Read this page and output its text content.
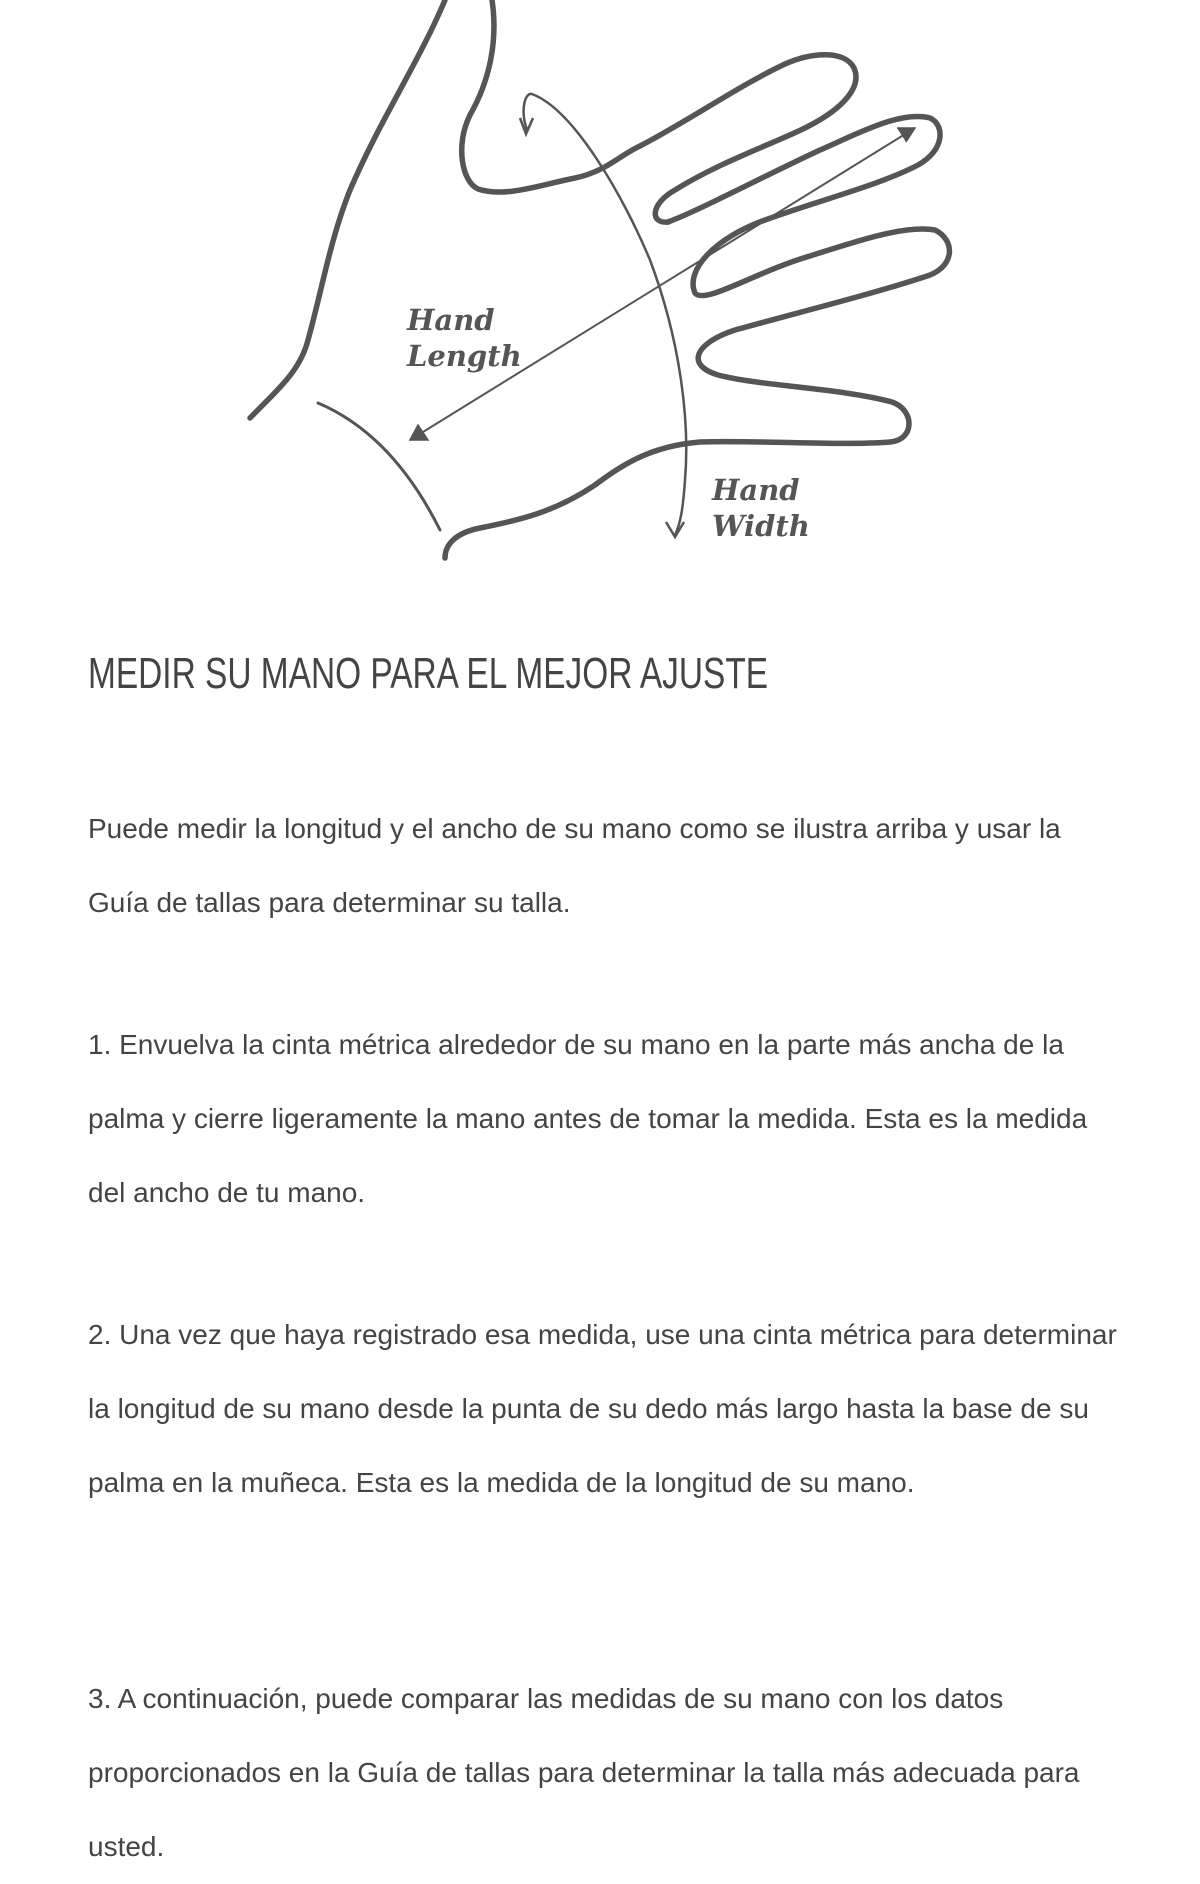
Hand
Length
Hand
Width
MEDIR SU MANO PARA EL MEJOR AJUSTE

Puede medir la longitud y el ancho de su mano como se ilustra arriba y usar la Guía de tallas para determinar su talla.

1. Envuelva la cinta métrica alrededor de su mano en la parte más ancha de la palma y cierre ligeramente la mano antes de tomar la medida. Esta es la medida del ancho de tu mano.

2. Una vez que haya registrado esa medida, use una cinta métrica para determinar la longitud de su mano desde la punta de su dedo más largo hasta la base de su palma en la muñeca. Esta es la medida de la longitud de su mano.

3. A continuación, puede comparar las medidas de su mano con los datos proporcionados en la Guía de tallas para determinar la talla más adecuada para usted.
